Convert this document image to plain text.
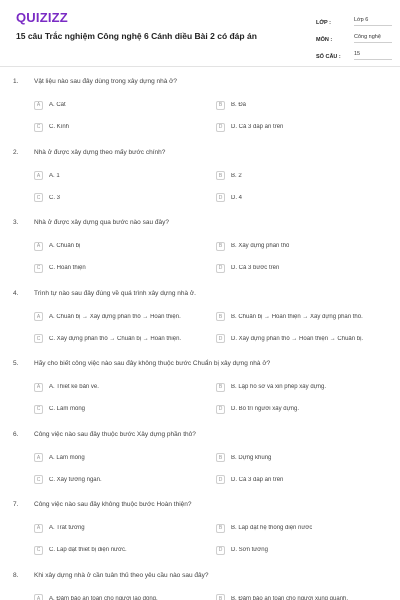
QUIZIZZ
15 câu Trắc nghiệm Công nghệ 6 Cánh diều Bài 2 có đáp án
LỚP :	Lớp 6
MÔN :	Công nghệ
SỐ CÂU :	15
1. Vật liệu nào sau đây dùng trong xây dựng nhà ở?
A	A. Cát	B	B. Đá
C	C. Kính	D	D. Cả 3 đáp án trên
2. Nhà ở được xây dựng theo mấy bước chính?
A	A. 1	B	B. 2
C	C. 3	D	D. 4
3. Nhà ở được xây dựng qua bước nào sau đây?
A	A. Chuẩn bị	B	B. Xây dựng phần thô
C	C. Hoàn thiện	D	D. Cả 3 bước trên
4. Trình tự nào sau đây đúng về quá trình xây dựng nhà ở.
A	A. Chuẩn bị → Xây dựng phần thô → Hoàn thiện.	B	B. Chuẩn bị → Hoàn thiện → Xây dựng phần thô.
C	C. Xây dựng phần thô → Chuẩn bị → Hoàn thiện.	D	D. Xây dựng phần thô → Hoàn thiện → Chuẩn bị.
5. Hãy cho biết công việc nào sau đây không thuộc bước Chuẩn bị xây dựng nhà ở?
A	A. Thiết kế bản vẽ.	B	B. Lập hồ sơ và xin phép xây dựng.
C	C. Làm móng	D	D. Bố trí người xây dựng.
6. Công việc nào sau đây thuộc bước Xây dựng phần thô?
A	A. Làm móng	B	B. Dựng khung
C	C. Xây tường ngăn.	D	D. Cả 3 đáp án trên
7. Công việc nào sau đây không thuộc bước Hoàn thiện?
A	A. Trát tường	B	B. Lắp đặt hệ thống điện nước
C	C. Lắp đặt thiết bị điện nước.	D	D. Sơn tường
8. Khi xây dựng nhà ở cần tuân thủ theo yêu cầu nào sau đây?
A	A. Đảm bảo an toàn cho người lao động.	B	B. Đảm bảo an toàn cho người xung quanh.
